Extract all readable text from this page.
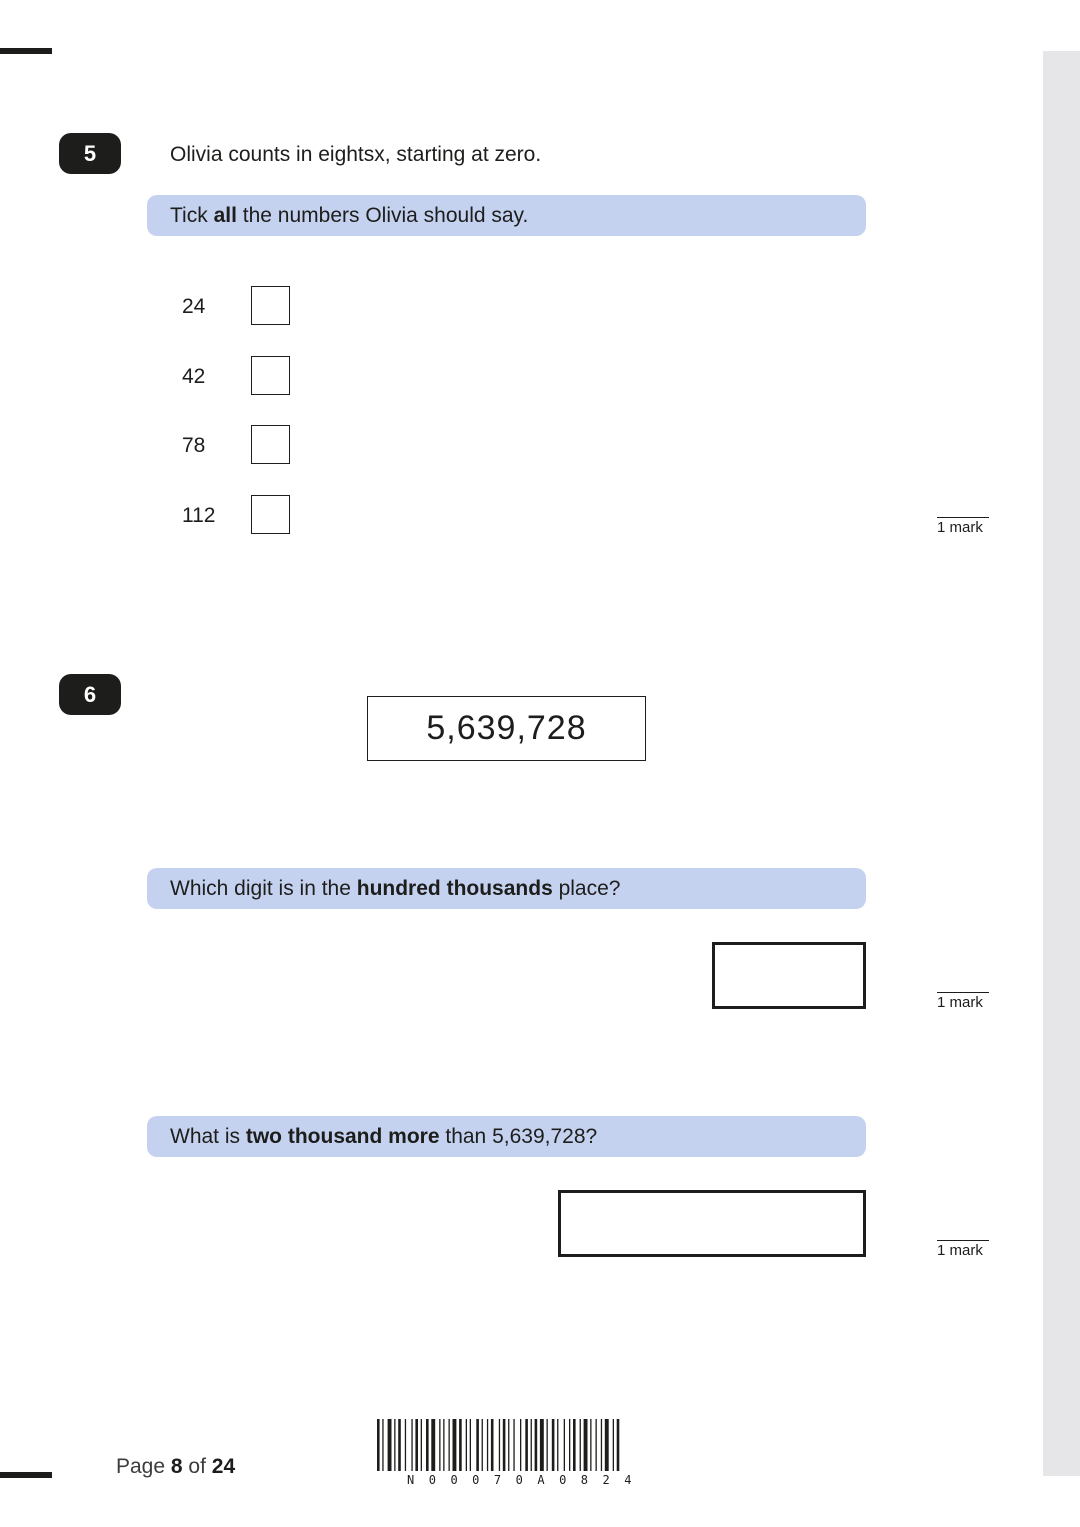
5	Olivia counts in eightsx, starting at zero.
Tick all the numbers Olivia should say.
24
42
78
112
1 mark
6
5,639,728
Which digit is in the hundred thousands place?
1 mark
What is two thousand more than 5,639,728?
1 mark
Page 8 of 24
N00070A0824
